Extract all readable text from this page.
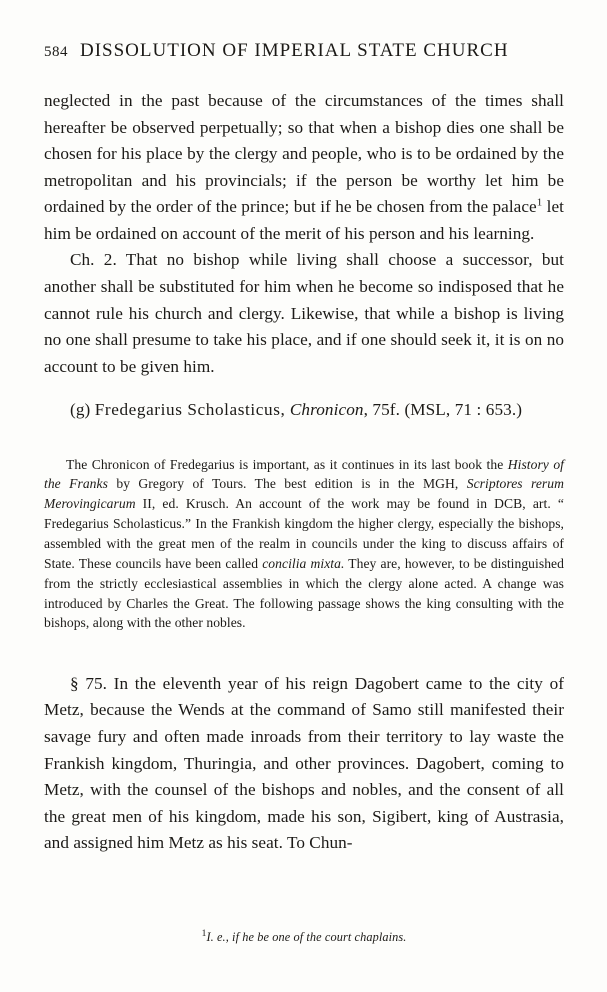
584 DISSOLUTION OF IMPERIAL STATE CHURCH

neglected in the past because of the circumstances of the times shall hereafter be observed perpetually; so that when a bishop dies one shall be chosen for his place by the clergy and people, who is to be ordained by the metropolitan and his provincials; if the person be worthy let him be ordained by the order of the prince; but if he be chosen from the palace$^1$ let him be ordained on account of the merit of his person and his learning.

Ch. 2. That no bishop while living shall choose a successor, but another shall be substituted for him when he become so indisposed that he cannot rule his church and clergy. Likewise, that while a bishop is living no one shall presume to take his place, and if one should seek it, it is on no account to be given him.

(g) Fredegarius Scholasticus, Chronicon, 75f. (MSL, 71 : 653.)

The Chronicon of Fredegarius is important, as it continues in its last book the History of the Franks by Gregory of Tours. The best edition is in the MGH, Scriptores rerum Merovingicarum II, ed. Krusch. An account of the work may be found in DCB, art. “ Fredegarius Scholasticus.” In the Frankish kingdom the higher clergy, especially the bishops, assembled with the great men of the realm in councils under the king to discuss affairs of State. These councils have been called concilia mixta. They are, however, to be distinguished from the strictly ecclesiastical assemblies in which the clergy alone acted. A change was introduced by Charles the Great. The following passage shows the king consulting with the bishops, along with the other nobles.

§ 75. In the eleventh year of his reign Dagobert came to the city of Metz, because the Wends at the command of Samo still manifested their savage fury and often made inroads from their territory to lay waste the Frankish kingdom, Thuringia, and other provinces. Dagobert, coming to Metz, with the counsel of the bishops and nobles, and the consent of all the great men of his kingdom, made his son, Sigibert, king of Austrasia, and assigned him Metz as his seat. To Chun-

$^1$I. e., if he be one of the court chaplains.
